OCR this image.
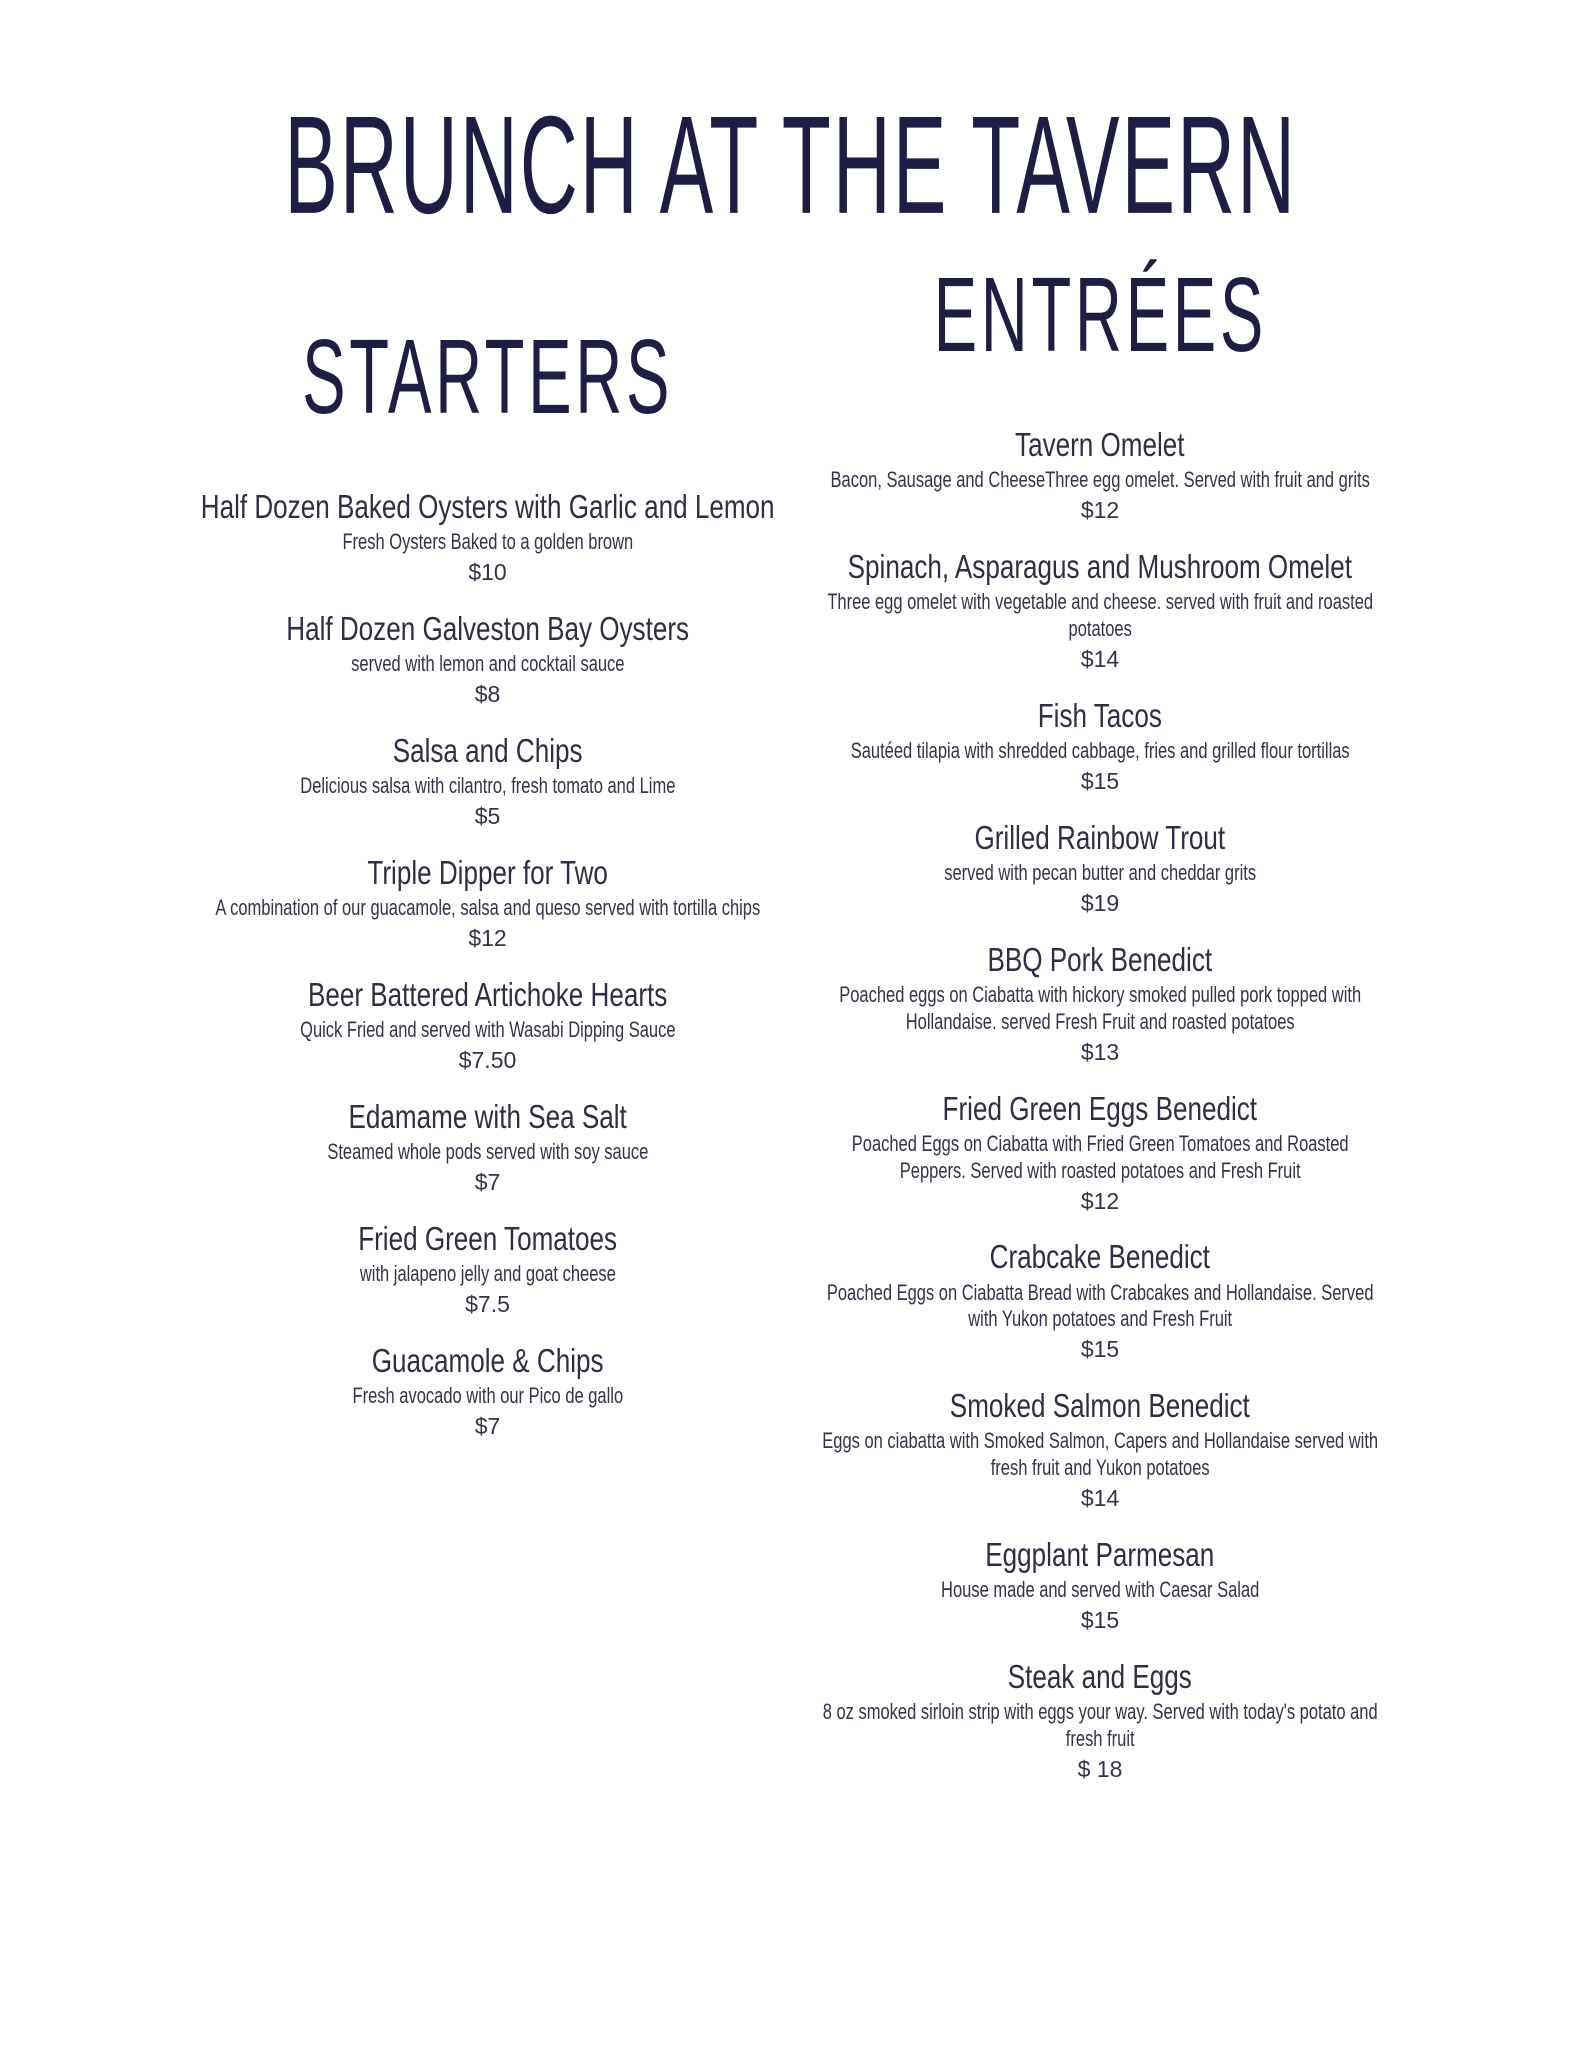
BRUNCH AT THE TAVERN
STARTERS
Half Dozen Baked Oysters with Garlic and Lemon
Fresh Oysters Baked to a golden brown
$10
Half Dozen Galveston Bay Oysters
served with lemon and cocktail sauce
$8
Salsa and Chips
Delicious salsa with cilantro, fresh tomato and Lime
$5
Triple Dipper for Two
A combination of our guacamole, salsa and queso served with tortilla chips
$12
Beer Battered Artichoke Hearts
Quick Fried and served with Wasabi Dipping Sauce
$7.50
Edamame with Sea Salt
Steamed whole pods served with soy sauce
$7
Fried Green Tomatoes
with jalapeno jelly and goat cheese
$7.5
Guacamole & Chips
Fresh avocado with our Pico de gallo
$7
ENTRÉES
Tavern Omelet
Bacon, Sausage and CheeseThree egg omelet. Served with fruit and grits
$12
Spinach, Asparagus and Mushroom Omelet
Three egg omelet with vegetable and cheese. served with fruit and roasted potatoes
$14
Fish Tacos
Sautéed tilapia with shredded cabbage, fries and grilled flour tortillas
$15
Grilled Rainbow Trout
served with pecan butter and cheddar grits
$19
BBQ Pork Benedict
Poached eggs on Ciabatta with hickory smoked pulled pork topped with Hollandaise. served Fresh Fruit and roasted potatoes
$13
Fried Green Eggs Benedict
Poached Eggs on Ciabatta with Fried Green Tomatoes and Roasted Peppers. Served with roasted potatoes and Fresh Fruit
$12
Crabcake Benedict
Poached Eggs on Ciabatta Bread with Crabcakes and Hollandaise. Served with Yukon potatoes and Fresh Fruit
$15
Smoked Salmon Benedict
Eggs on ciabatta with Smoked Salmon, Capers and Hollandaise served with fresh fruit and Yukon potatoes
$14
Eggplant Parmesan
House made and served with Caesar Salad
$15
Steak and Eggs
8 oz smoked sirloin strip with eggs your way. Served with today's potato and fresh fruit
$ 18
